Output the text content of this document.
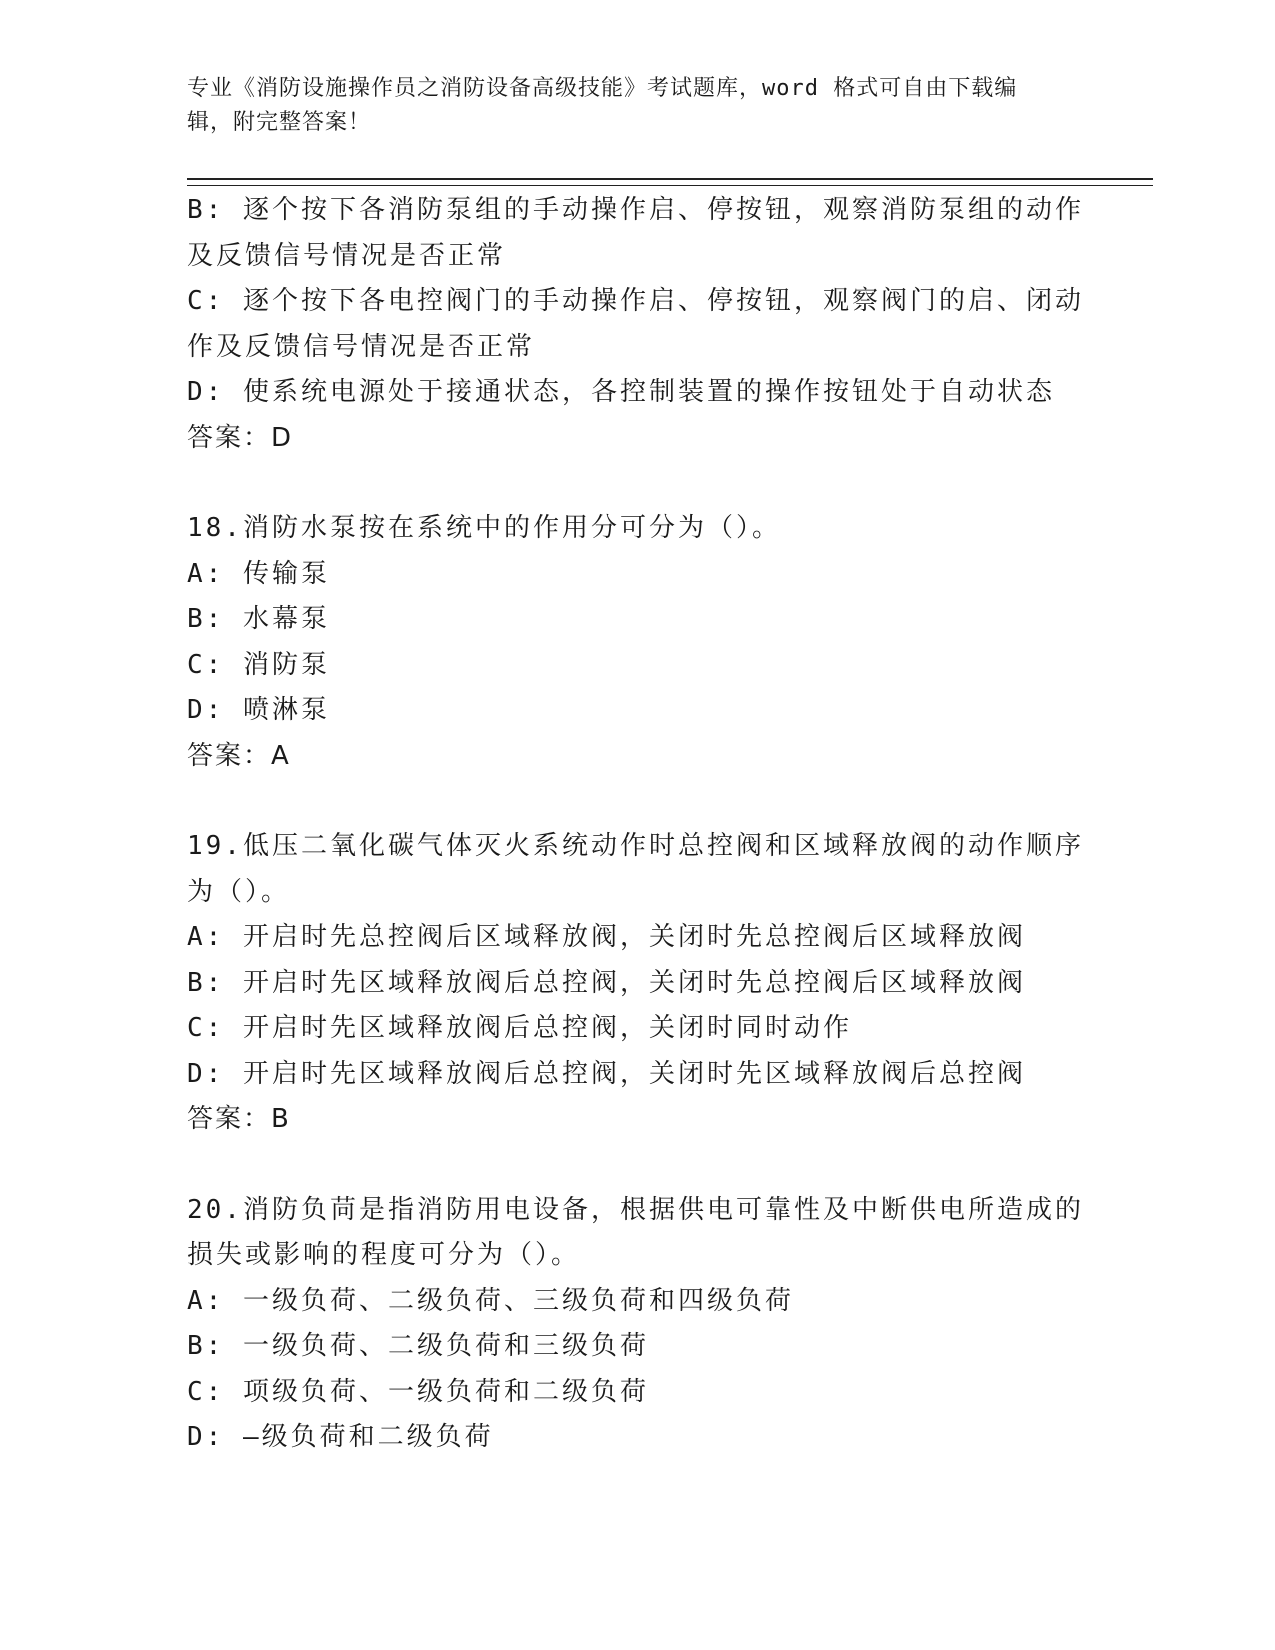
专业《消防设施操作员之消防设备高级技能》考试题库，word 格式可自由下载编
辑，附完整答案！
B: 逐个按下各消防泵组的手动操作启、停按钮，观察消防泵组的动作
及反馈信号情况是否正常
C: 逐个按下各电控阀门的手动操作启、停按钮，观察阀门的启、闭动
作及反馈信号情况是否正常
D: 使系统电源处于接通状态，各控制装置的操作按钮处于自动状态
答案：D
18.消防水泵按在系统中的作用分可分为（）。
A: 传输泵
B: 水幕泵
C: 消防泵
D: 喷淋泵
答案：A
19.低压二氧化碳气体灭火系统动作时总控阀和区域释放阀的动作顺序
为（）。
A: 开启时先总控阀后区域释放阀，关闭时先总控阀后区域释放阀
B: 开启时先区域释放阀后总控阀，关闭时先总控阀后区域释放阀
C: 开启时先区域释放阀后总控阀，关闭时同时动作
D: 开启时先区域释放阀后总控阀，关闭时先区域释放阀后总控阀
答案：B
20.消防负苘是指消防用电设备，根据供电可靠性及中断供电所造成的
损失或影响的程度可分为（）。
A: 一级负荷、二级负荷、三级负荷和四级负荷
B: 一级负荷、二级负荷和三级负荷
C: 项级负荷、一级负荷和二级负荷
D: —级负荷和二级负荷
